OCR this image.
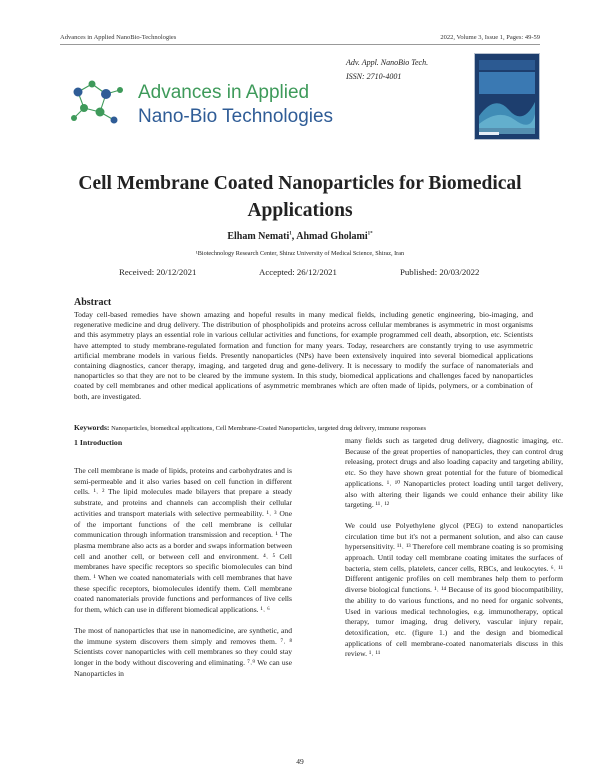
Advances in Applied NanoBio-Technologies	2022, Volume 3, Issue 1, Pages: 49-59
Adv. Appl. NanoBio Tech.
ISSN: 2710-4001
Advances in Applied
Nano-Bio Technologies
Cell Membrane Coated Nanoparticles for Biomedical Applications
Elham Nemati$^1$, Ahmad Gholami$^{1*}$
¹Biotechnology Research Center, Shiraz University of Medical Science, Shiraz, Iran
Received: 20/12/2021	Accepted: 26/12/2021	Published: 20/03/2022
Abstract
Today cell-based remedies have shown amazing and hopeful results in many medical fields, including genetic engineering, bio-imaging, and regenerative medicine and drug delivery. The distribution of phospholipids and proteins across cellular membranes is asymmetric in most organisms and this asymmetry plays an essential role in various cellular activities and functions, for example programmed cell death, absorption, etc. Scientists have attempted to study membrane-regulated formation and function for many years. Today, researchers are constantly trying to use asymmetric artificial membrane models in various fields. Presently nanoparticles (NPs) have been extensively inquired into several biomedical applications containing diagnostics, cancer therapy, imaging, and targeted drug and gene-delivery. It is necessary to modify the surface of nanomaterials and nanoparticles so that they are not to be cleared by the immune system. In this study, biomedical applications and challenges faced by nanoparticles coated by cell membranes and other medical applications of asymmetric membranes which are often made of lipids, polymers, or a combination of both, are investigated.
Keywords: Nanoparticles, biomedical applications, Cell Membrane-Coated Nanoparticles, targeted drug delivery, immune responses
1 Introduction

The cell membrane is made of lipids, proteins and carbohydrates and is semi-permeable and it also varies based on cell function in different cells. ¹˒ ² The lipid molecules made bilayers that prepare a steady substrate, and proteins and channels can accomplish their cellular activities and transport materials with selective permeability. ¹˒ ³ One of the important functions of the cell membrane is cellular communication through information transmission and reception. ¹ The plasma membrane also acts as a border and swaps information between cell and another cell, or between cell and environment. ⁴˒ ⁵ Cell membranes have specific receptors so specific biomolecules can bind them. ¹ When we coated nanomaterials with cell membranes that have these specific receptors, biomolecules identify them. Cell membrane coated nanomaterials provide functions and performances of live cells for them, which can use in different biomedical applications. ¹˒ ⁶

The most of nanoparticles that use in nanomedicine, are synthetic, and the immune system discovers them simply and removes them. ⁷˒ ⁸ Scientists cover nanoparticles with cell membranes so they could stay longer in the body without discovering and eliminating. ⁷˒⁹ We can use Nanoparticles in

many fields such as targeted drug delivery, diagnostic imaging, etc. Because of the great properties of nanoparticles, they can control drug releasing, protect drugs and also loading capacity and targeting ability, etc. So they have shown great potential for the future of biomedical applications. ¹˒ ¹⁰ Nanoparticles protect loading until target delivery, also with altering their ligands we could enhance their ability like targeting. ¹¹˒ ¹²

We could use Polyethylene glycol (PEG) to extend nanoparticles circulation time but it's not a permanent solution, and also can cause hypersensitivity. ¹¹˒ ¹³ Therefore cell membrane coating is so promising approach. Until today cell membrane coating imitates the surfaces of bacteria, stem cells, platelets, cancer cells, RBCs, and leukocytes. ⁶˒ ¹¹ Different antigenic profiles on cell membranes help them to perform diverse biological functions. ¹˒ ¹⁴ Because of its good biocompatibility, the ability to do various functions, and no need for organic solvents, Used in various medical technologies, e.g. immunotherapy, optical therapy, tumor imaging, drug delivery, vascular injury repair, detoxification, etc. (figure 1.) and the design and biomedical applications of cell membrane-coated nanomaterials discuss in this review. ¹˒ ¹¹

49
